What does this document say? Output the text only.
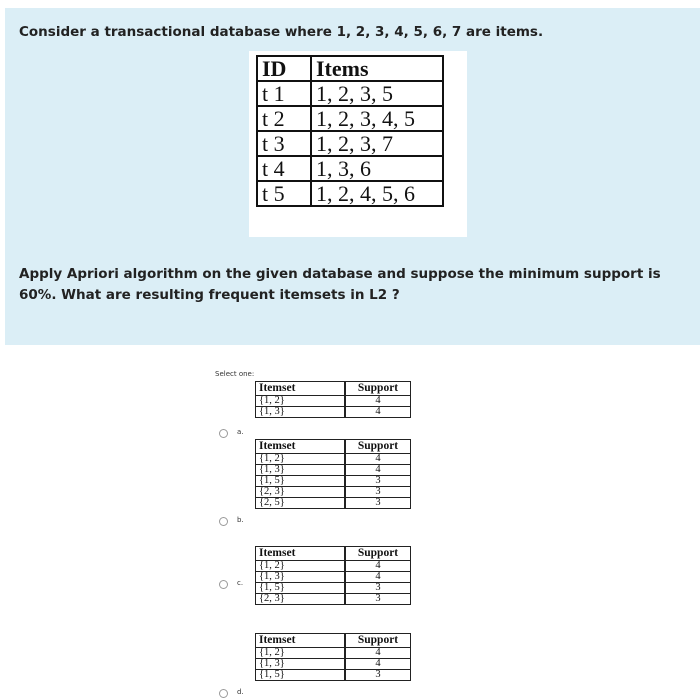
Consider a transactional database where 1, 2, 3, 4, 5, 6, 7 are items.
ID	Items
t 1	1, 2, 3, 5
t 2	1, 2, 3, 4, 5
t 3	1, 2, 3, 7
t 4	1, 3, 6
t 5	1, 2, 4, 5, 6
Apply Apriori algorithm on the given database and suppose the minimum support is 60%. What are resulting frequent itemsets in L2 ?
Select one:
Itemset	Support
{1, 2}	4
{1, 3}	4
a.
Itemset	Support
{1, 2}	4
{1, 3}	4
{1, 5}	3
{2, 3}	3
{2, 5}	3
b.
Itemset	Support
{1, 2}	4
{1, 3}	4
{1, 5}	3
{2, 3}	3
c.
Itemset	Support
{1, 2}	4
{1, 3}	4
{1, 5}	3
d.
